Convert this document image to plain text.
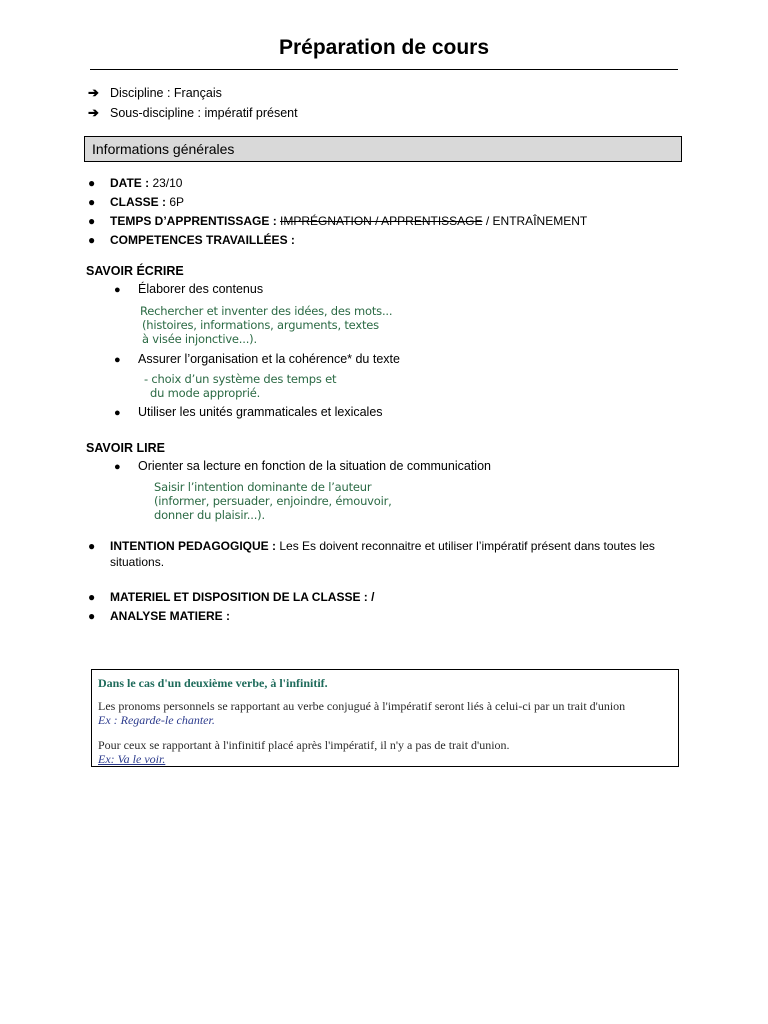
Préparation de cours
➔ Discipline : Français
➔ Sous-discipline : impératif présent
Informations générales
● DATE : 23/10
● CLASSE : 6P
● TEMPS D’APPRENTISSAGE : IMPRÉGNATION / APPRENTISSAGE / ENTRAÎNEMENT
● COMPETENCES TRAVAILLÉES :
SAVOIR ÉCRIRE
● Élaborer des contenus
Rechercher et inventer des idées, des mots...
(histoires, informations, arguments, textes
à visée injonctive...).
● Assurer l’organisation et la cohérence* du texte
- choix d’un système des temps et
du mode approprié.
● Utiliser les unités grammaticales et lexicales
SAVOIR LIRE
● Orienter sa lecture en fonction de la situation de communication
Saisir l’intention dominante de l’auteur
(informer, persuader, enjoindre, émouvoir,
donner du plaisir...).
● INTENTION PEDAGOGIQUE : Les Es doivent reconnaitre et utiliser l’impératif présent dans toutes les situations.
● MATERIEL ET DISPOSITION DE LA CLASSE : /
● ANALYSE MATIERE :

Dans le cas d'un deuxième verbe, à l'infinitif.

Les pronoms personnels se rapportant au verbe conjugué à l'impératif seront liés à celui-ci par un trait d'union

Ex : Regarde-le chanter.

Pour ceux se rapportant à l'infinitif placé après l'impératif, il n'y a pas de trait d'union.

Ex: Va le voir.
